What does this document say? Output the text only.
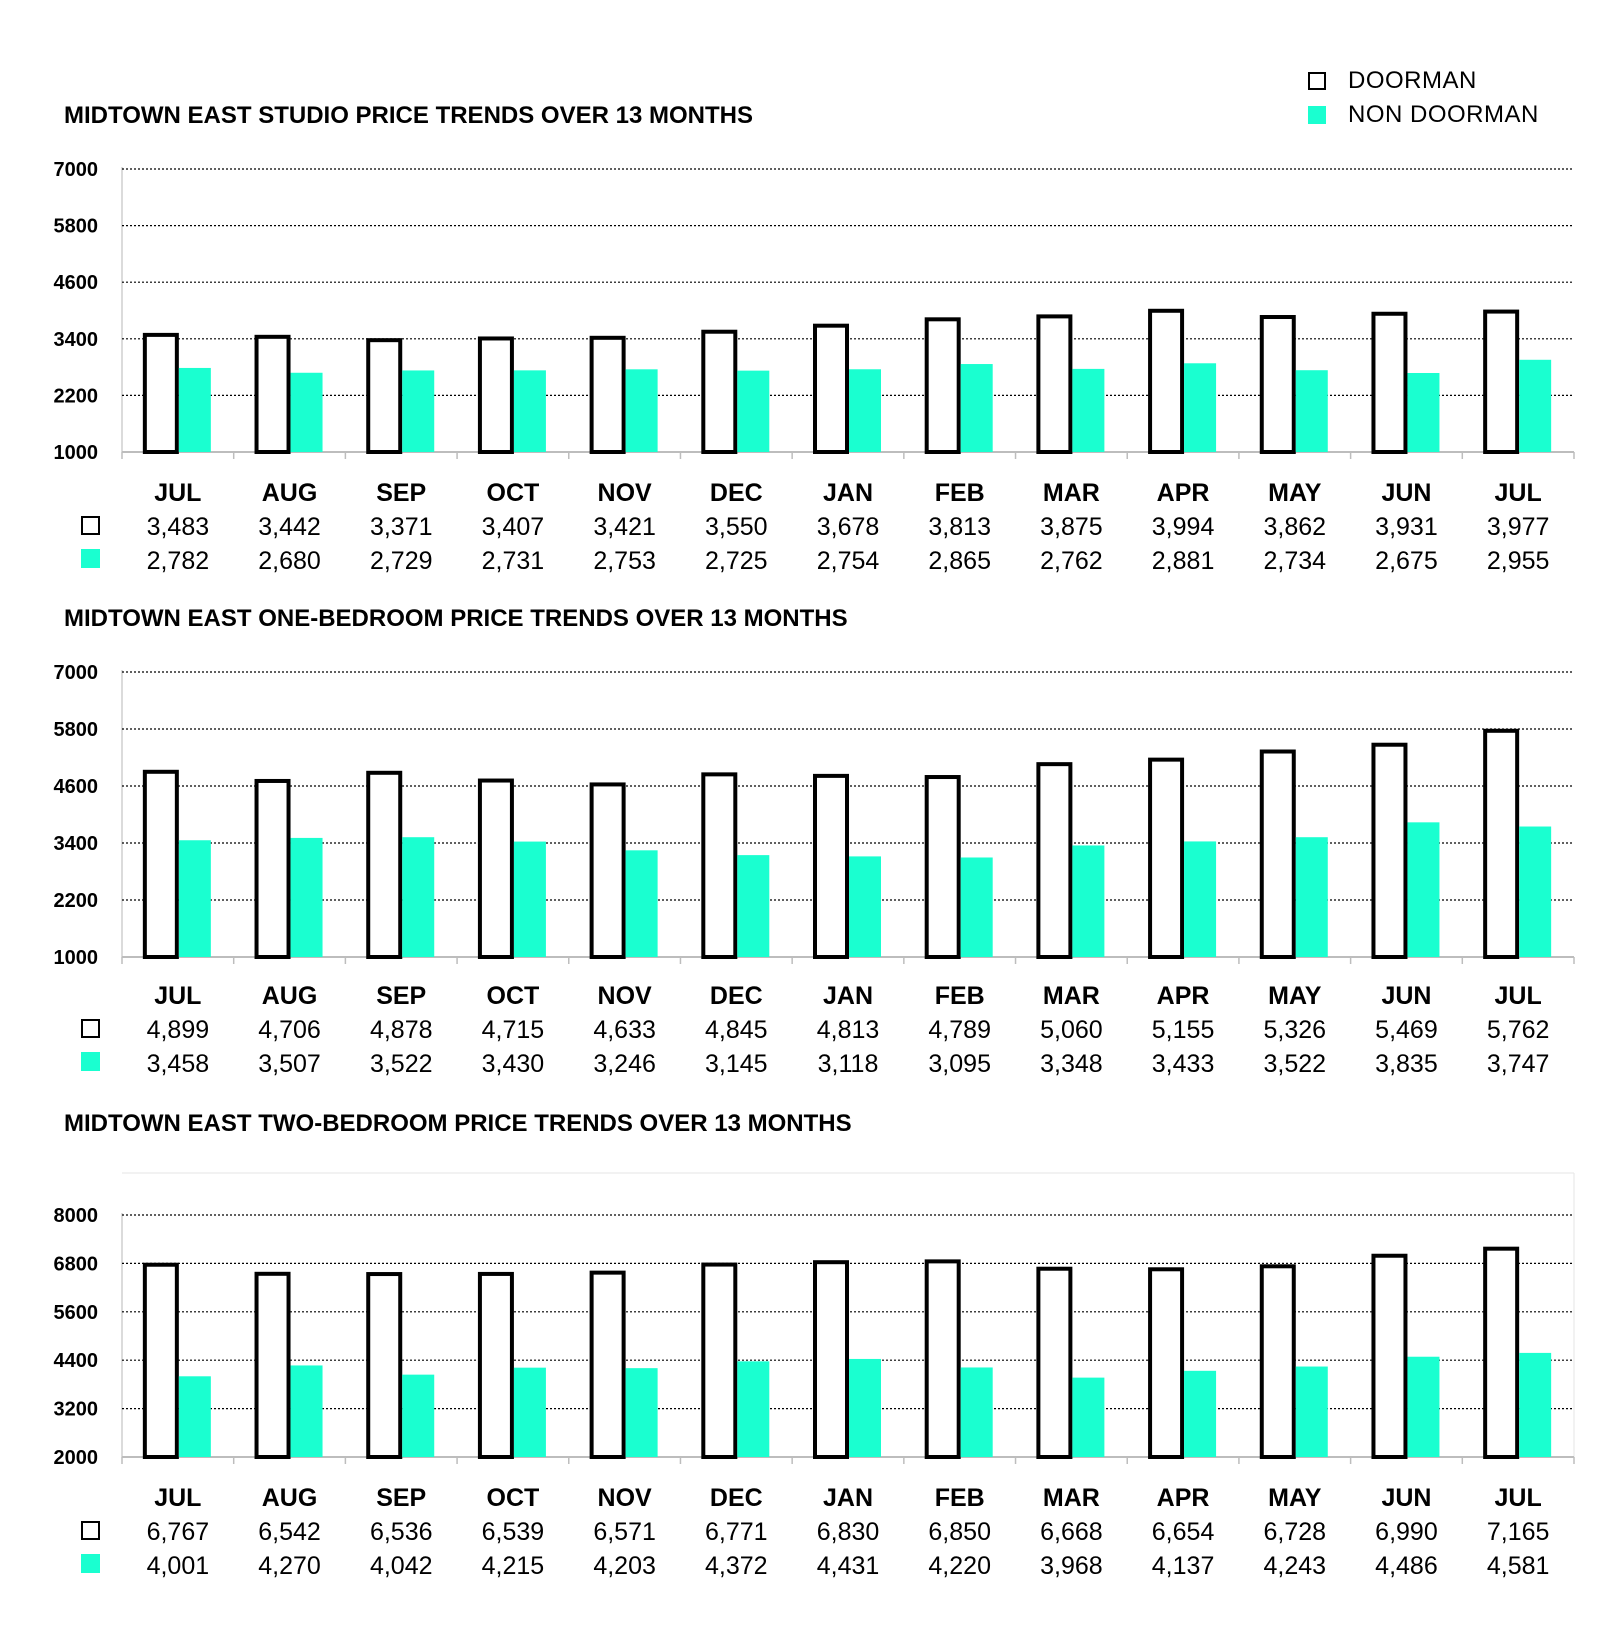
DOORMAN
NON DOORMAN
MIDTOWN EAST STUDIO PRICE TRENDS OVER 13 MONTHS
1000
2200
3400
4600
5800
7000
JUL
3,483
2,782
AUG
3,442
2,680
SEP
3,371
2,729
OCT
3,407
2,731
NOV
3,421
2,753
DEC
3,550
2,725
JAN
3,678
2,754
FEB
3,813
2,865
MAR
3,875
2,762
APR
3,994
2,881
MAY
3,862
2,734
JUN
3,931
2,675
JUL
3,977
2,955
MIDTOWN EAST ONE-BEDROOM PRICE TRENDS OVER 13 MONTHS
1000
2200
3400
4600
5800
7000
JUL
4,899
3,458
AUG
4,706
3,507
SEP
4,878
3,522
OCT
4,715
3,430
NOV
4,633
3,246
DEC
4,845
3,145
JAN
4,813
3,118
FEB
4,789
3,095
MAR
5,060
3,348
APR
5,155
3,433
MAY
5,326
3,522
JUN
5,469
3,835
JUL
5,762
3,747
MIDTOWN EAST TWO-BEDROOM PRICE TRENDS OVER 13 MONTHS
2000
3200
4400
5600
6800
8000
JUL
6,767
4,001
AUG
6,542
4,270
SEP
6,536
4,042
OCT
6,539
4,215
NOV
6,571
4,203
DEC
6,771
4,372
JAN
6,830
4,431
FEB
6,850
4,220
MAR
6,668
3,968
APR
6,654
4,137
MAY
6,728
4,243
JUN
6,990
4,486
JUL
7,165
4,581
